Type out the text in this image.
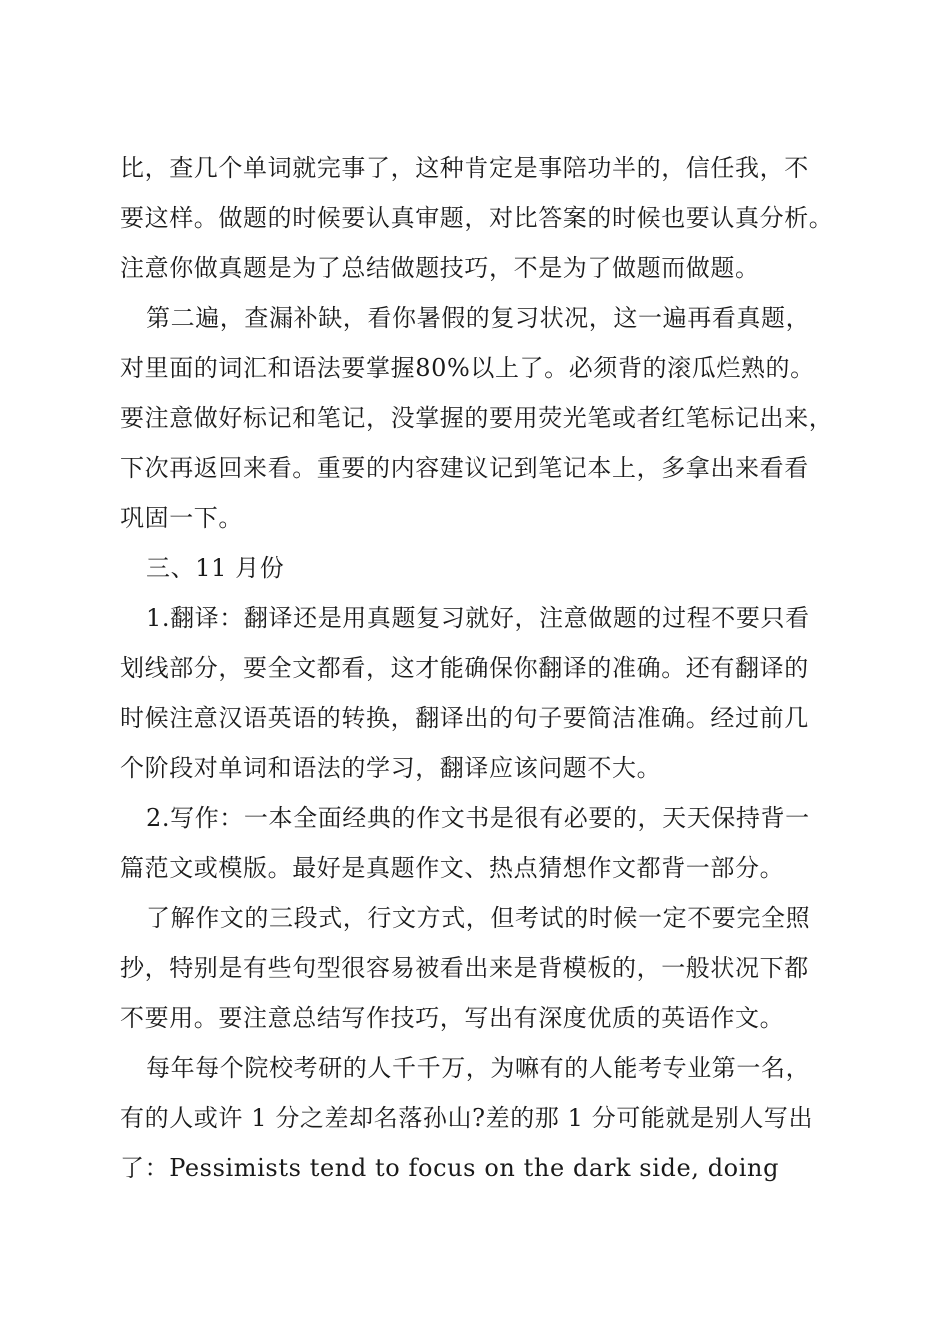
比，查几个单词就完事了，这种肯定是事陪功半的，信任我，不
要这样。做题的时候要认真审题，对比答案的时候也要认真分析。
注意你做真题是为了总结做题技巧，不是为了做题而做题。
第二遍，查漏补缺，看你暑假的复习状况，这一遍再看真题，
对里面的词汇和语法要掌握80%以上了。必须背的滚瓜烂熟的。
要注意做好标记和笔记，没掌握的要用荧光笔或者红笔标记出来，
下次再返回来看。重要的内容建议记到笔记本上，多拿出来看看
巩固一下。
三、11 月份
1.翻译：翻译还是用真题复习就好，注意做题的过程不要只看
划线部分，要全文都看，这才能确保你翻译的准确。还有翻译的
时候注意汉语英语的转换，翻译出的句子要简洁准确。经过前几
个阶段对单词和语法的学习，翻译应该问题不大。
2.写作：一本全面经典的作文书是很有必要的，天天保持背一
篇范文或模版。最好是真题作文、热点猜想作文都背一部分。
了解作文的三段式，行文方式，但考试的时候一定不要完全照
抄，特别是有些句型很容易被看出来是背模板的，一般状况下都
不要用。要注意总结写作技巧，写出有深度优质的英语作文。
每年每个院校考研的人千千万，为嘛有的人能考专业第一名，
有的人或许 1 分之差却名落孙山?差的那 1 分可能就是别人写出
了：Pessimists tend to focus on the dark side, doing
